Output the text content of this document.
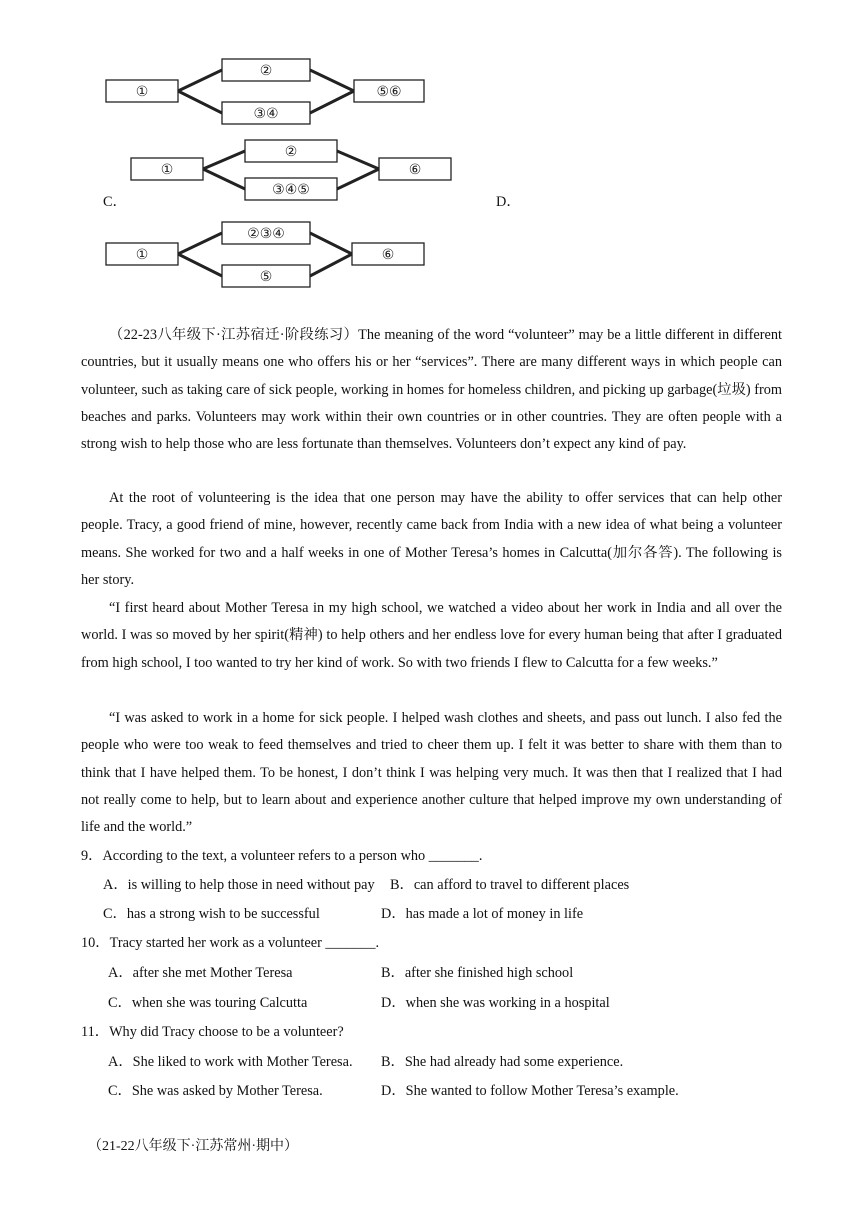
①
②
③④
⑤⑥
①
②
③④⑤
⑥
C．	D．
①
②③④
⑤
⑥

（22-23八年级下·江苏宿迁·阶段练习）The meaning of the word “volunteer” may be a little different in different countries, but it usually means one who offers his or her “services”. There are many different ways in which people can volunteer, such as taking care of sick people, working in homes for homeless children, and picking up garbage(垃圾) from beaches and parks. Volunteers may work within their own countries or in other countries. They are often people with a strong wish to help those who are less fortunate than themselves. Volunteers don’t expect any kind of pay.

At the root of volunteering is the idea that one person may have the ability to offer services that can help other people. Tracy, a good friend of mine, however, recently came back from India with a new idea of what being a volunteer means. She worked for two and a half weeks in one of Mother Teresa’s homes in Calcutta(加尔各答). The following is her story.

“I first heard about Mother Teresa in my high school, we watched a video about her work in India and all over the world. I was so moved by her spirit(精神) to help others and her endless love for every human being that after I graduated from high school, I too wanted to try her kind of work. So with two friends I flew to Calcutta for a few weeks.”

“I was asked to work in a home for sick people. I helped wash clothes and sheets, and pass out lunch. I also fed the people who were too weak to feed themselves and tried to cheer them up. I felt it was better to share with them than to think that I have helped them. To be honest, I don’t think I was helping very much. It was then that I realized that I had not really come to help, but to learn about and experience another culture that helped improve my own understanding of life and the world.”

9．According to the text, a volunteer refers to a person who _______.
A．is willing to help those in need without pay B．can afford to travel to different places
C．has a strong wish to be successful	D．has made a lot of money in life
10．Tracy started her work as a volunteer _______.
A．after she met Mother Teresa	B．after she finished high school
C．when she was touring Calcutta	D．when she was working in a hospital
11．Why did Tracy choose to be a volunteer?
A．She liked to work with Mother Teresa. B．She had already had some experience.
C．She was asked by Mother Teresa.	D．She wanted to follow Mother Teresa’s example.
（21-22八年级下·江苏常州·期中）
